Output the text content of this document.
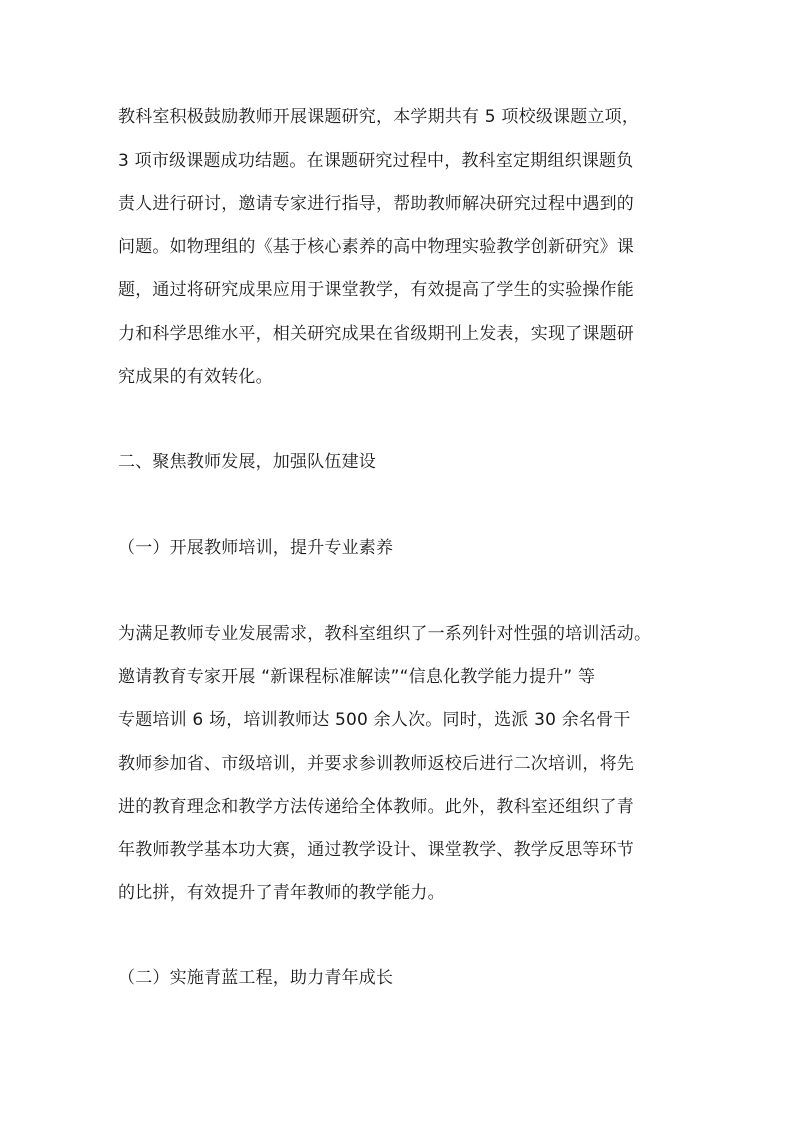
教科室积极鼓励教师开展课题研究，本学期共有 5 项校级课题立项，
3 项市级课题成功结题。在课题研究过程中，教科室定期组织课题负
责人进行研讨，邀请专家进行指导，帮助教师解决研究过程中遇到的
问题。如物理组的《基于核心素养的高中物理实验教学创新研究》课
题，通过将研究成果应用于课堂教学，有效提高了学生的实验操作能
力和科学思维水平，相关研究成果在省级期刊上发表，实现了课题研
究成果的有效转化。
二、聚焦教师发展，加强队伍建设
（一）开展教师培训，提升专业素养
为满足教师专业发展需求，教科室组织了一系列针对性强的培训活动。
邀请教育专家开展 “新课程标准解读”“信息化教学能力提升” 等
专题培训 6 场，培训教师达 500 余人次。同时，选派 30 余名骨干
教师参加省、市级培训，并要求参训教师返校后进行二次培训，将先
进的教育理念和教学方法传递给全体教师。此外，教科室还组织了青
年教师教学基本功大赛，通过教学设计、课堂教学、教学反思等环节
的比拼，有效提升了青年教师的教学能力。
（二）实施青蓝工程，助力青年成长
